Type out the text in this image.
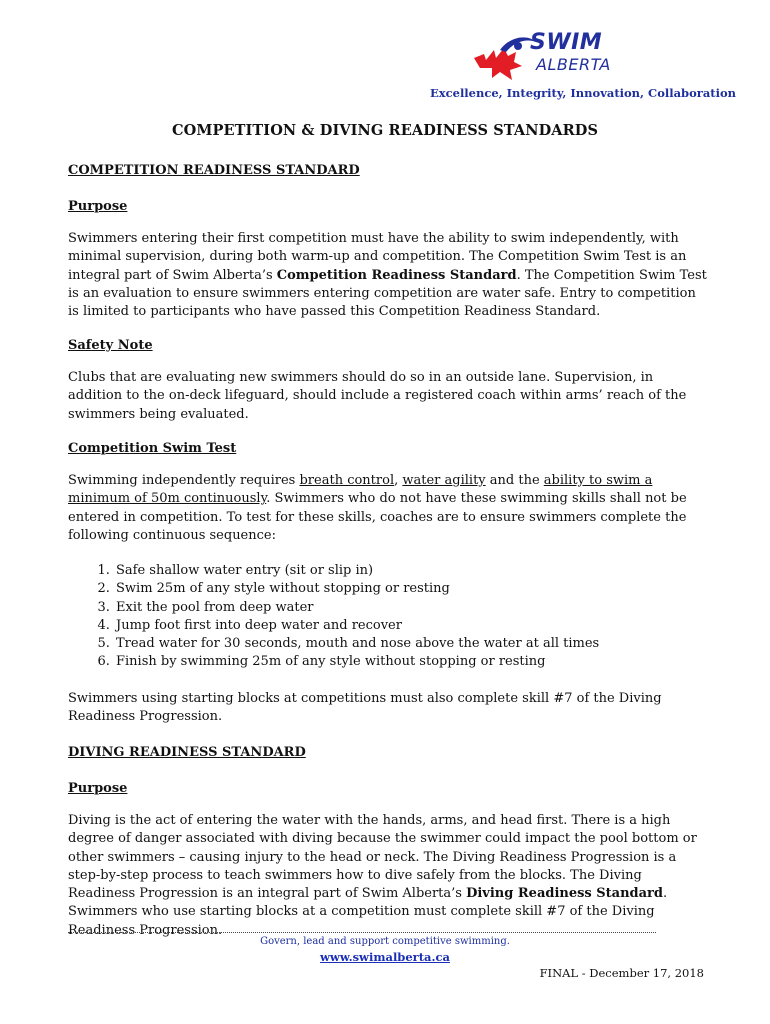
SWIM
ALBERTA
Excellence, Integrity, Innovation, Collaboration
COMPETITION & DIVING READINESS STANDARDS
COMPETITION READINESS STANDARD
Purpose
Swimmers entering their first competition must have the ability to swim independently, with minimal supervision, during both warm-up and competition. The Competition Swim Test is an integral part of Swim Alberta’s Competition Readiness Standard. The Competition Swim Test is an evaluation to ensure swimmers entering competition are water safe. Entry to competition is limited to participants who have passed this Competition Readiness Standard.
Safety Note
Clubs that are evaluating new swimmers should do so in an outside lane. Supervision, in addition to the on-deck lifeguard, should include a registered coach within arms’ reach of the swimmers being evaluated.
Competition Swim Test
Swimming independently requires breath control, water agility and the ability to swim a minimum of 50m continuously. Swimmers who do not have these swimming skills shall not be entered in competition. To test for these skills, coaches are to ensure swimmers complete the following continuous sequence:
1. Safe shallow water entry (sit or slip in)
2. Swim 25m of any style without stopping or resting
3. Exit the pool from deep water
4. Jump foot first into deep water and recover
5. Tread water for 30 seconds, mouth and nose above the water at all times
6. Finish by swimming 25m of any style without stopping or resting
Swimmers using starting blocks at competitions must also complete skill #7 of the Diving Readiness Progression.
DIVING READINESS STANDARD
Purpose
Diving is the act of entering the water with the hands, arms, and head first. There is a high degree of danger associated with diving because the swimmer could impact the pool bottom or other swimmers – causing injury to the head or neck. The Diving Readiness Progression is a step-by-step process to teach swimmers how to dive safely from the blocks. The Diving Readiness Progression is an integral part of Swim Alberta’s Diving Readiness Standard. Swimmers who use starting blocks at a competition must complete skill #7 of the Diving Readiness Progression.
Govern, lead and support competitive swimming.
www.swimalberta.ca
FINAL - December 17, 2018
